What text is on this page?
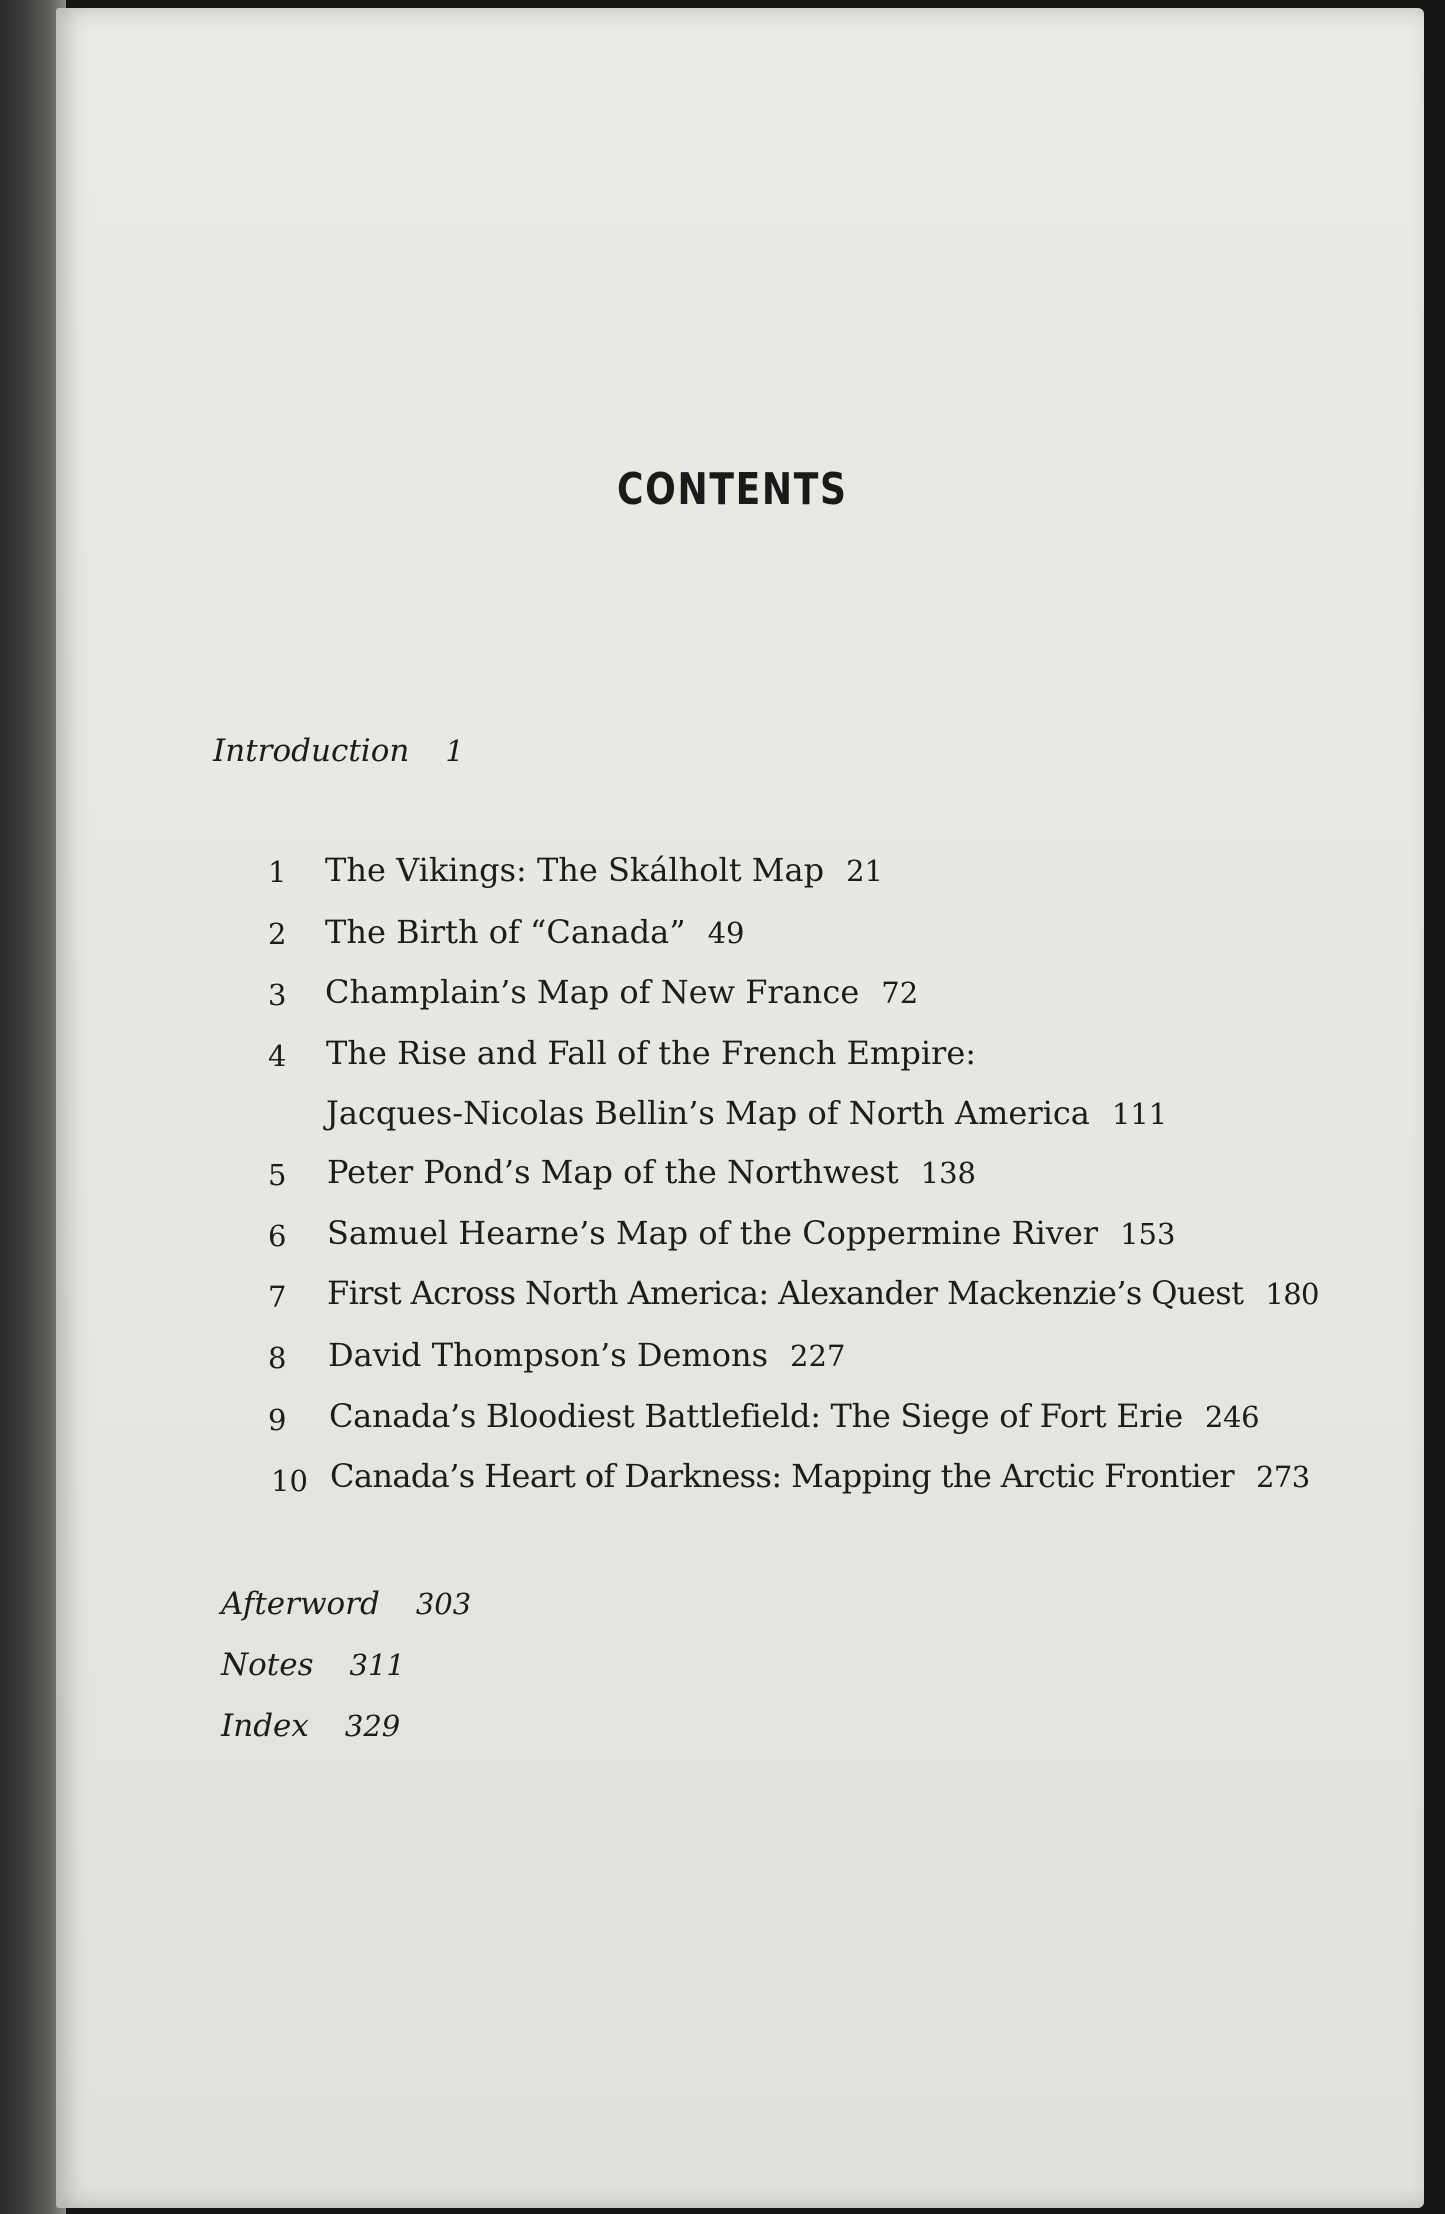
CONTENTS
Introduction 1
1 The Vikings: The Skálholt Map 21
2 The Birth of “Canada” 49
3 Champlain’s Map of New France 72
4 The Rise and Fall of the French Empire:
Jacques-Nicolas Bellin’s Map of North America 111
5 Peter Pond’s Map of the Northwest 138
6 Samuel Hearne’s Map of the Coppermine River 153
7 First Across North America: Alexander Mackenzie’s Quest 180
8 David Thompson’s Demons 227
9 Canada’s Bloodiest Battlefield: The Siege of Fort Erie 246
10 Canada’s Heart of Darkness: Mapping the Arctic Frontier 273
Afterword 303
Notes 311
Index 329
